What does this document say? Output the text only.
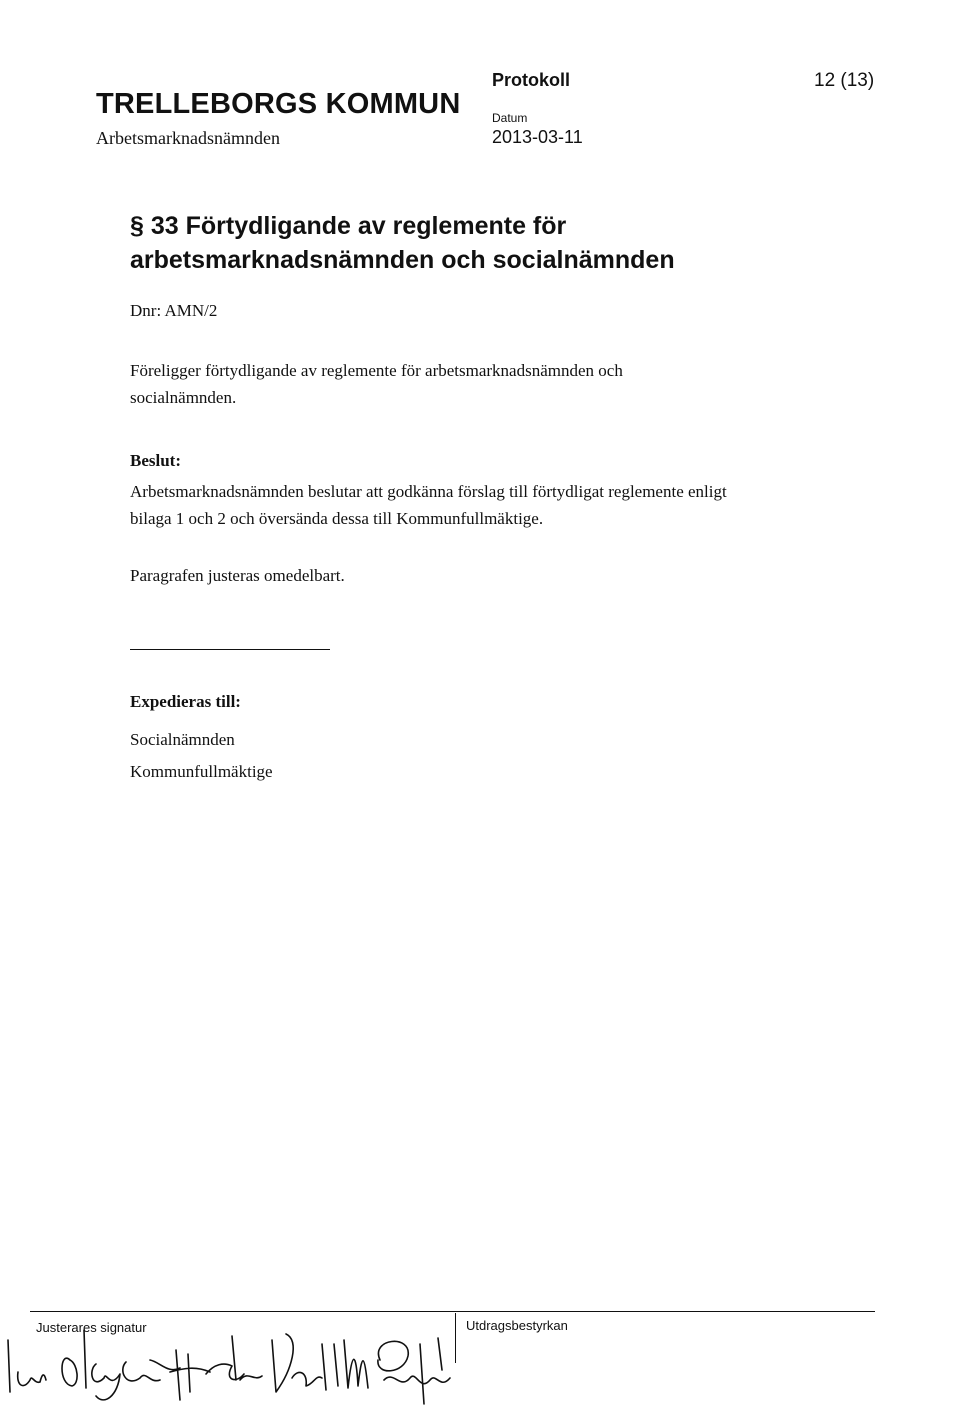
TRELLEBORGS KOMMUN
Arbetsmarknadsnämnden
Protokoll
Datum
2013-03-11
12 (13)
§ 33 Förtydligande av reglemente för
arbetsmarknadsnämnden och socialnämnden
Dnr: AMN/2
Föreligger förtydligande av reglemente för arbetsmarknadsnämnden och socialnämnden.
Beslut:
Arbetsmarknadsnämnden beslutar att godkänna förslag till förtydligat reglemente enligt bilaga 1 och 2 och översända dessa till Kommunfullmäktige.
Paragrafen justeras omedelbart.
Expedieras till:
Socialnämnden
Kommunfullmäktige
Justerares signatur	Utdragsbestyrkan
